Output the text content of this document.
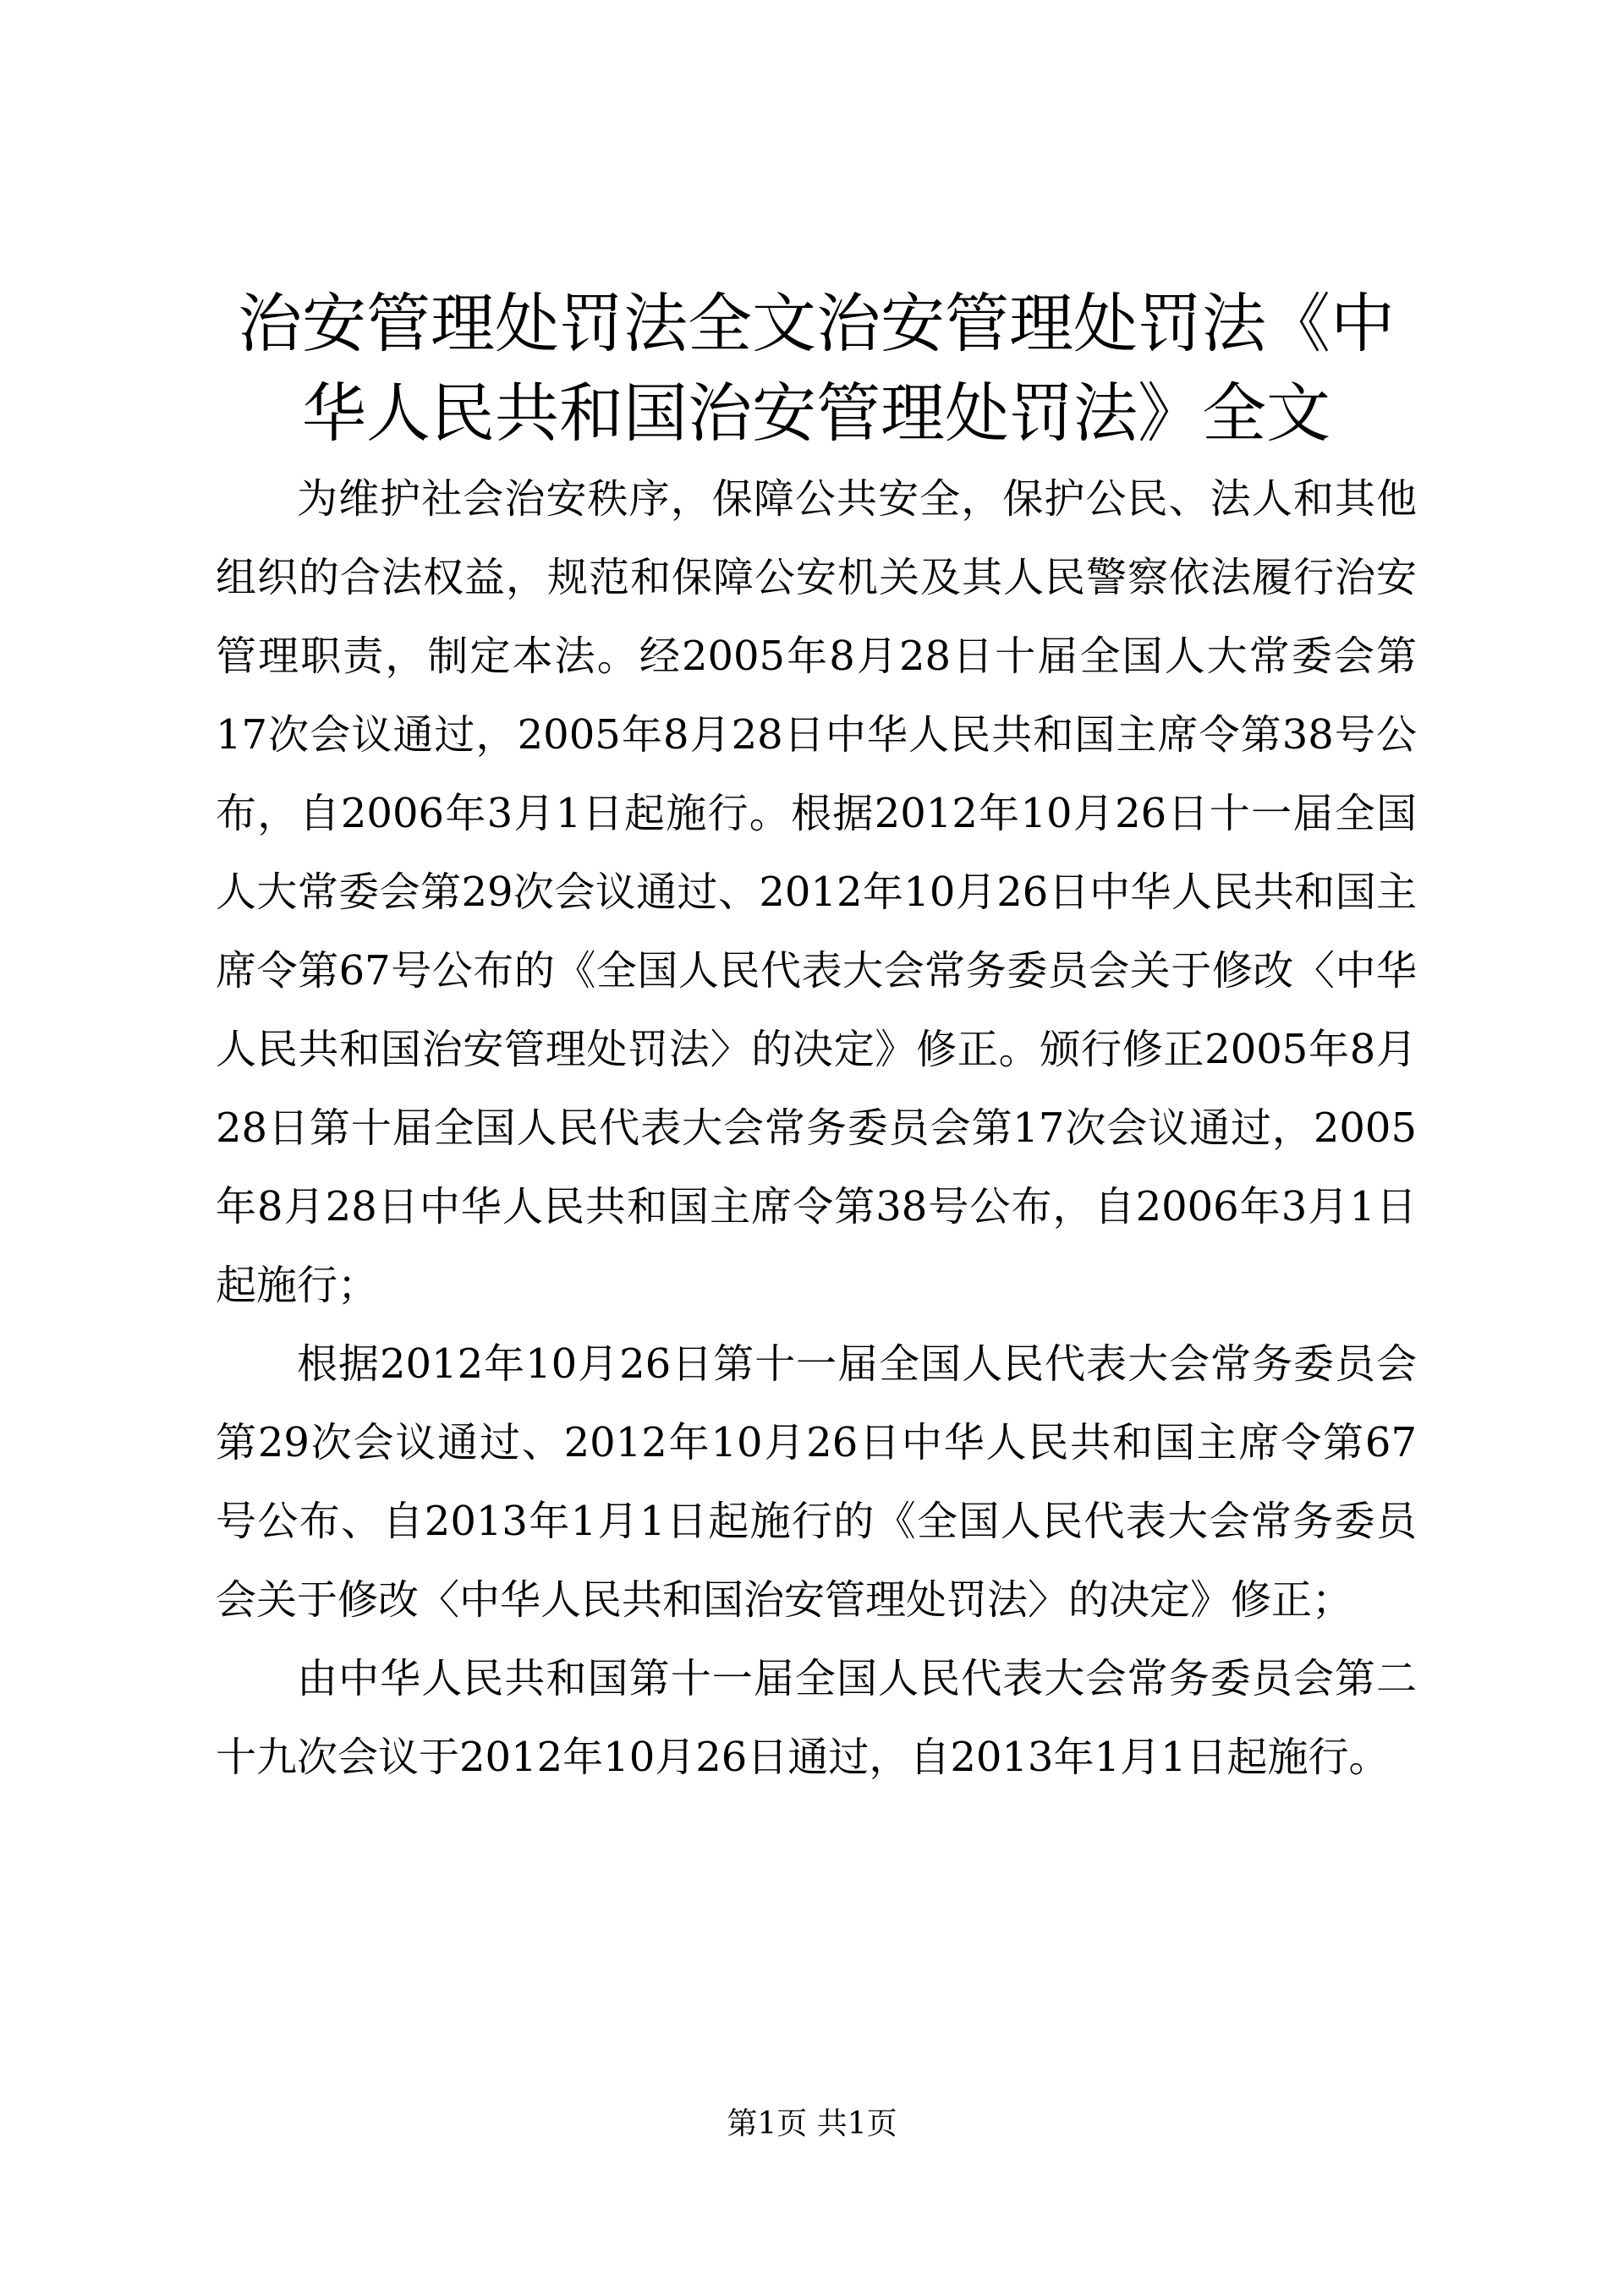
治安管理处罚法全文治安管理处罚法《中华人民共和国治安管理处罚法》全文

为维护社会治安秩序，保障公共安全，保护公民、法人和其他组织的合法权益，规范和保障公安机关及其人民警察依法履行治安管理职责，制定本法。经2005年8月28日十届全国人大常委会第17次会议通过，2005年8月28日中华人民共和国主席令第38号公布，自2006年3月1日起施行。根据2012年10月26日十一届全国人大常委会第29次会议通过、2012年10月26日中华人民共和国主席令第67号公布的《全国人民代表大会常务委员会关于修改〈中华人民共和国治安管理处罚法〉的决定》修正。颁行修正2005年8月28日第十届全国人民代表大会常务委员会第17次会议通过，2005年8月28日中华人民共和国主席令第38号公布，自2006年3月1日起施行；

根据2012年10月26日第十一届全国人民代表大会常务委员会第29次会议通过、2012年10月26日中华人民共和国主席令第67号公布、自2013年1月1日起施行的《全国人民代表大会常务委员会关于修改〈中华人民共和国治安管理处罚法〉的决定》修正；

由中华人民共和国第十一届全国人民代表大会常务委员会第二十九次会议于2012年10月26日通过，自2013年1月1日起施行。

第1页 共1页
